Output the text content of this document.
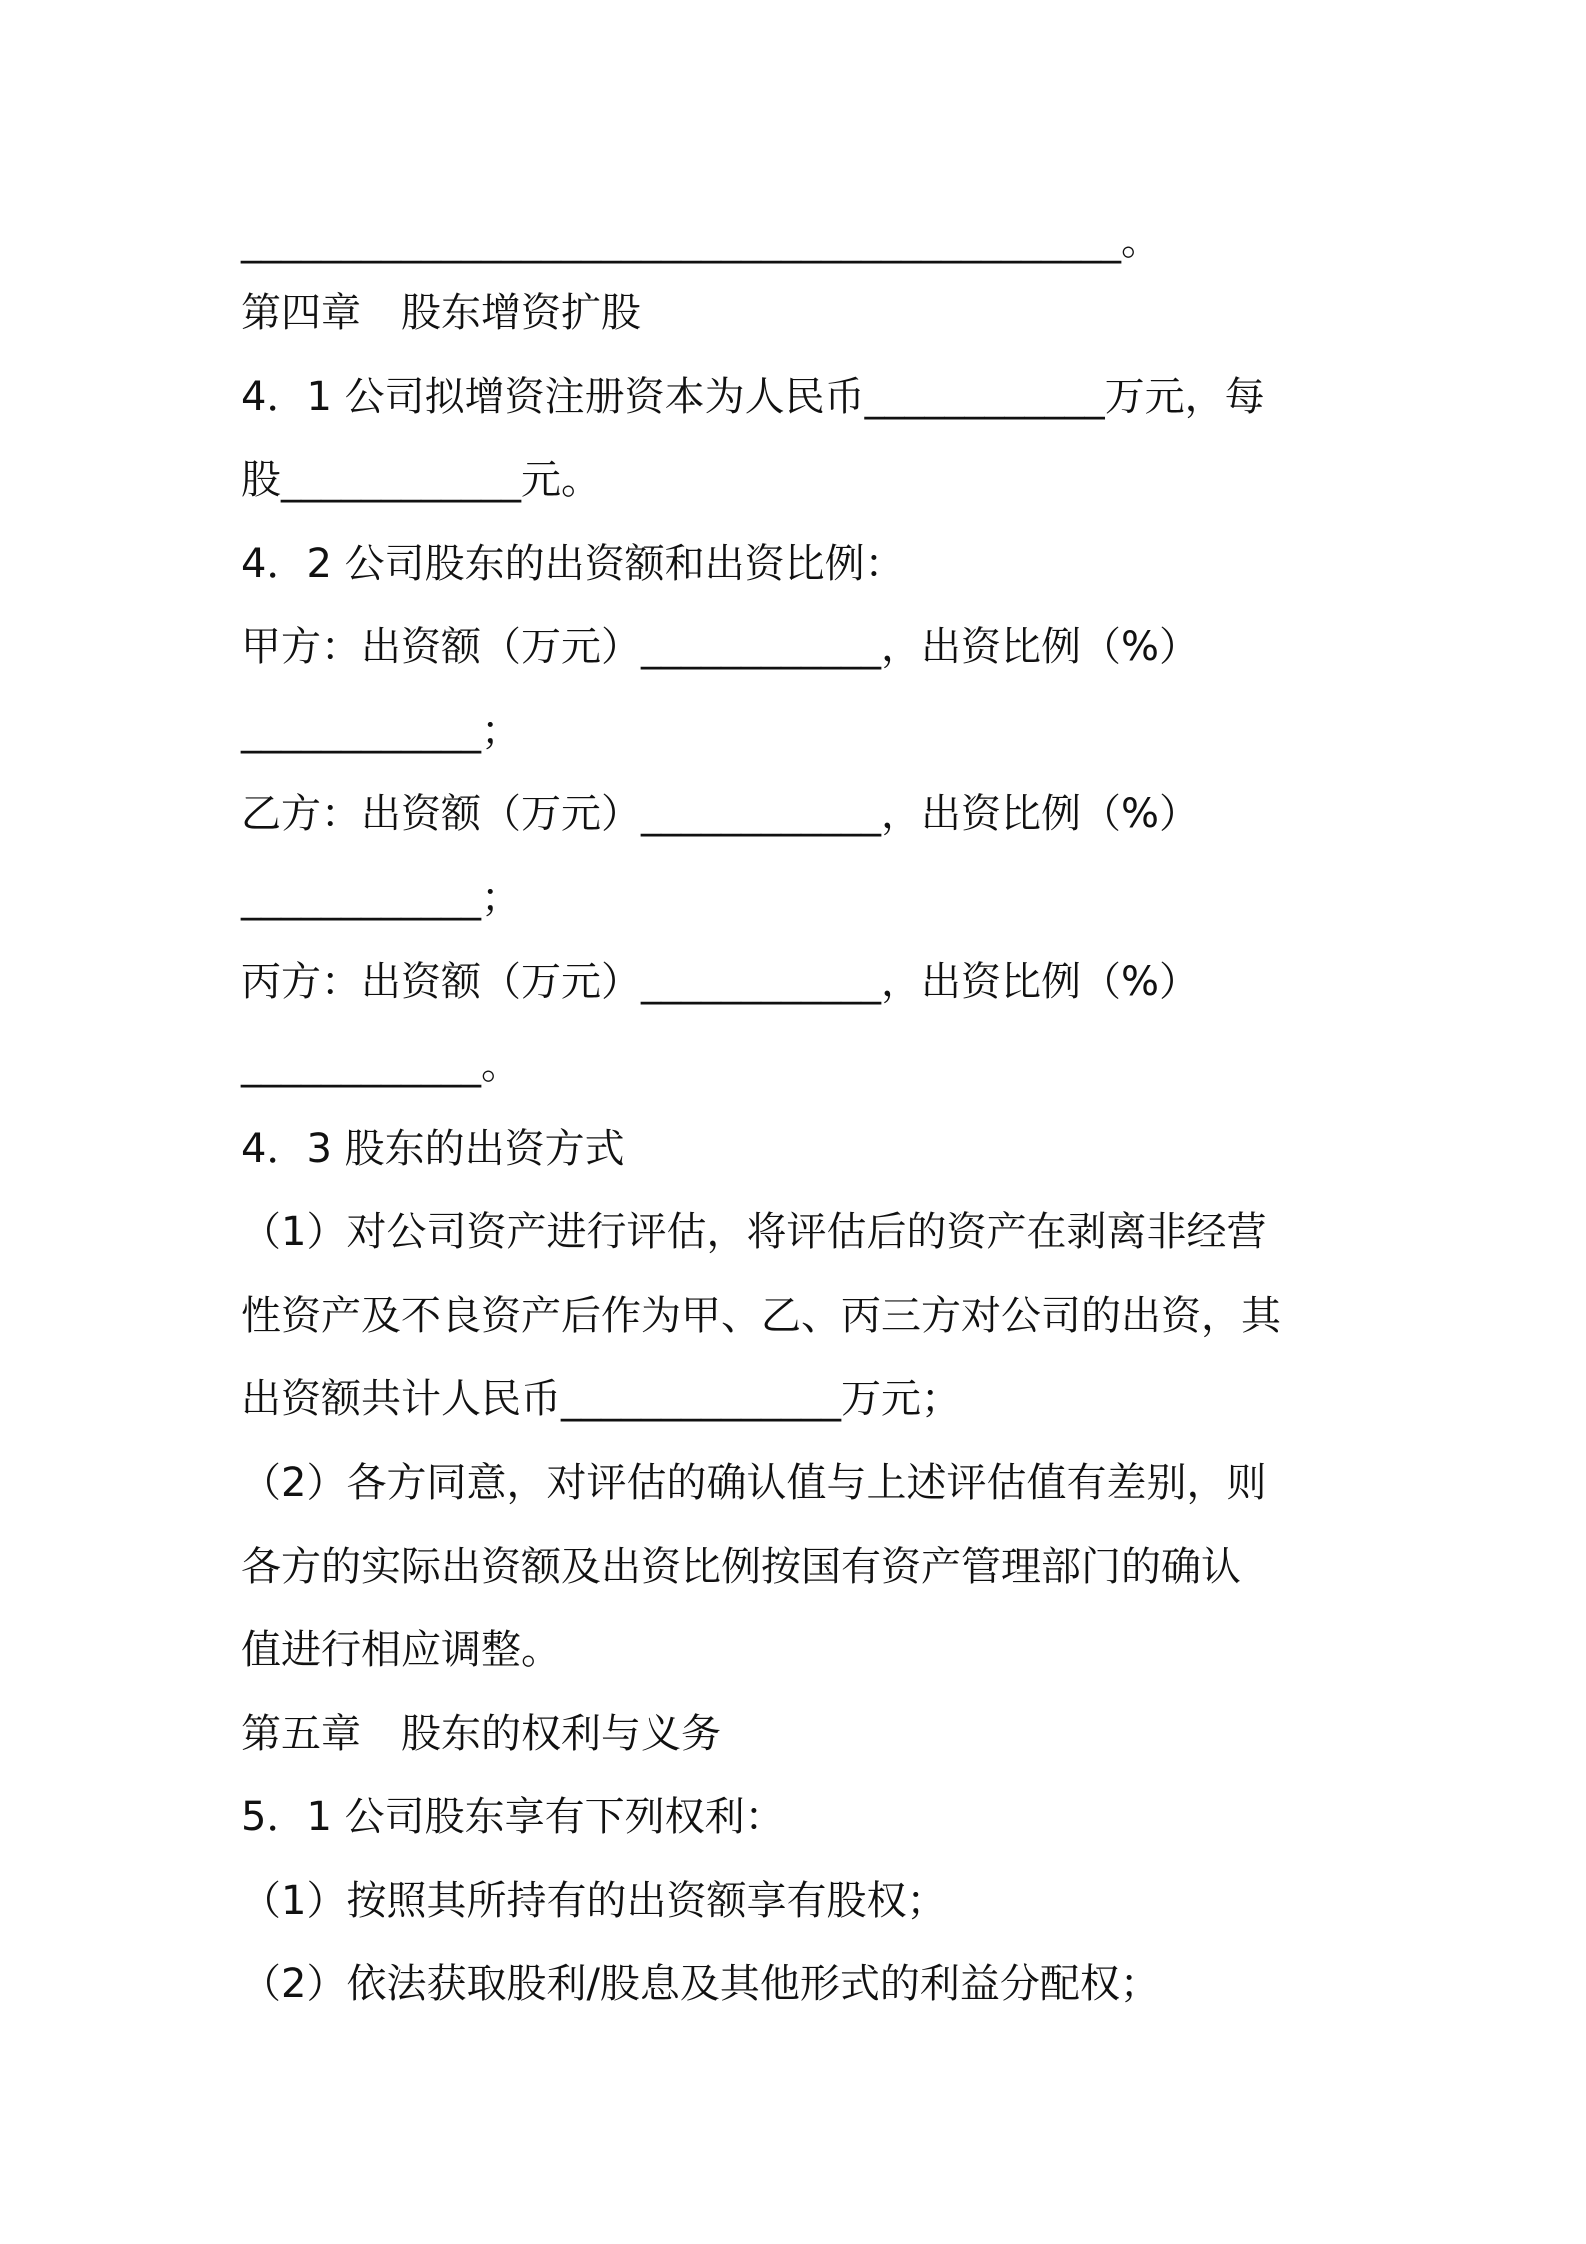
____________________________________________。
第四章　股东增资扩股
4．1 公司拟增资注册资本为人民币____________万元，每
股____________元。
4．2 公司股东的出资额和出资比例：
甲方：出资额（万元）____________，出资比例（%）
____________；
乙方：出资额（万元）____________，出资比例（%）
____________；
丙方：出资额（万元）____________，出资比例（%）
____________。
4．3 股东的出资方式
（1）对公司资产进行评估，将评估后的资产在剥离非经营
性资产及不良资产后作为甲、乙、丙三方对公司的出资，其
出资额共计人民币______________万元；
（2）各方同意，对评估的确认值与上述评估值有差别，则
各方的实际出资额及出资比例按国有资产管理部门的确认
值进行相应调整。
第五章　股东的权利与义务
5．1 公司股东享有下列权利：
（1）按照其所持有的出资额享有股权；
（2）依法获取股利/股息及其他形式的利益分配权；
